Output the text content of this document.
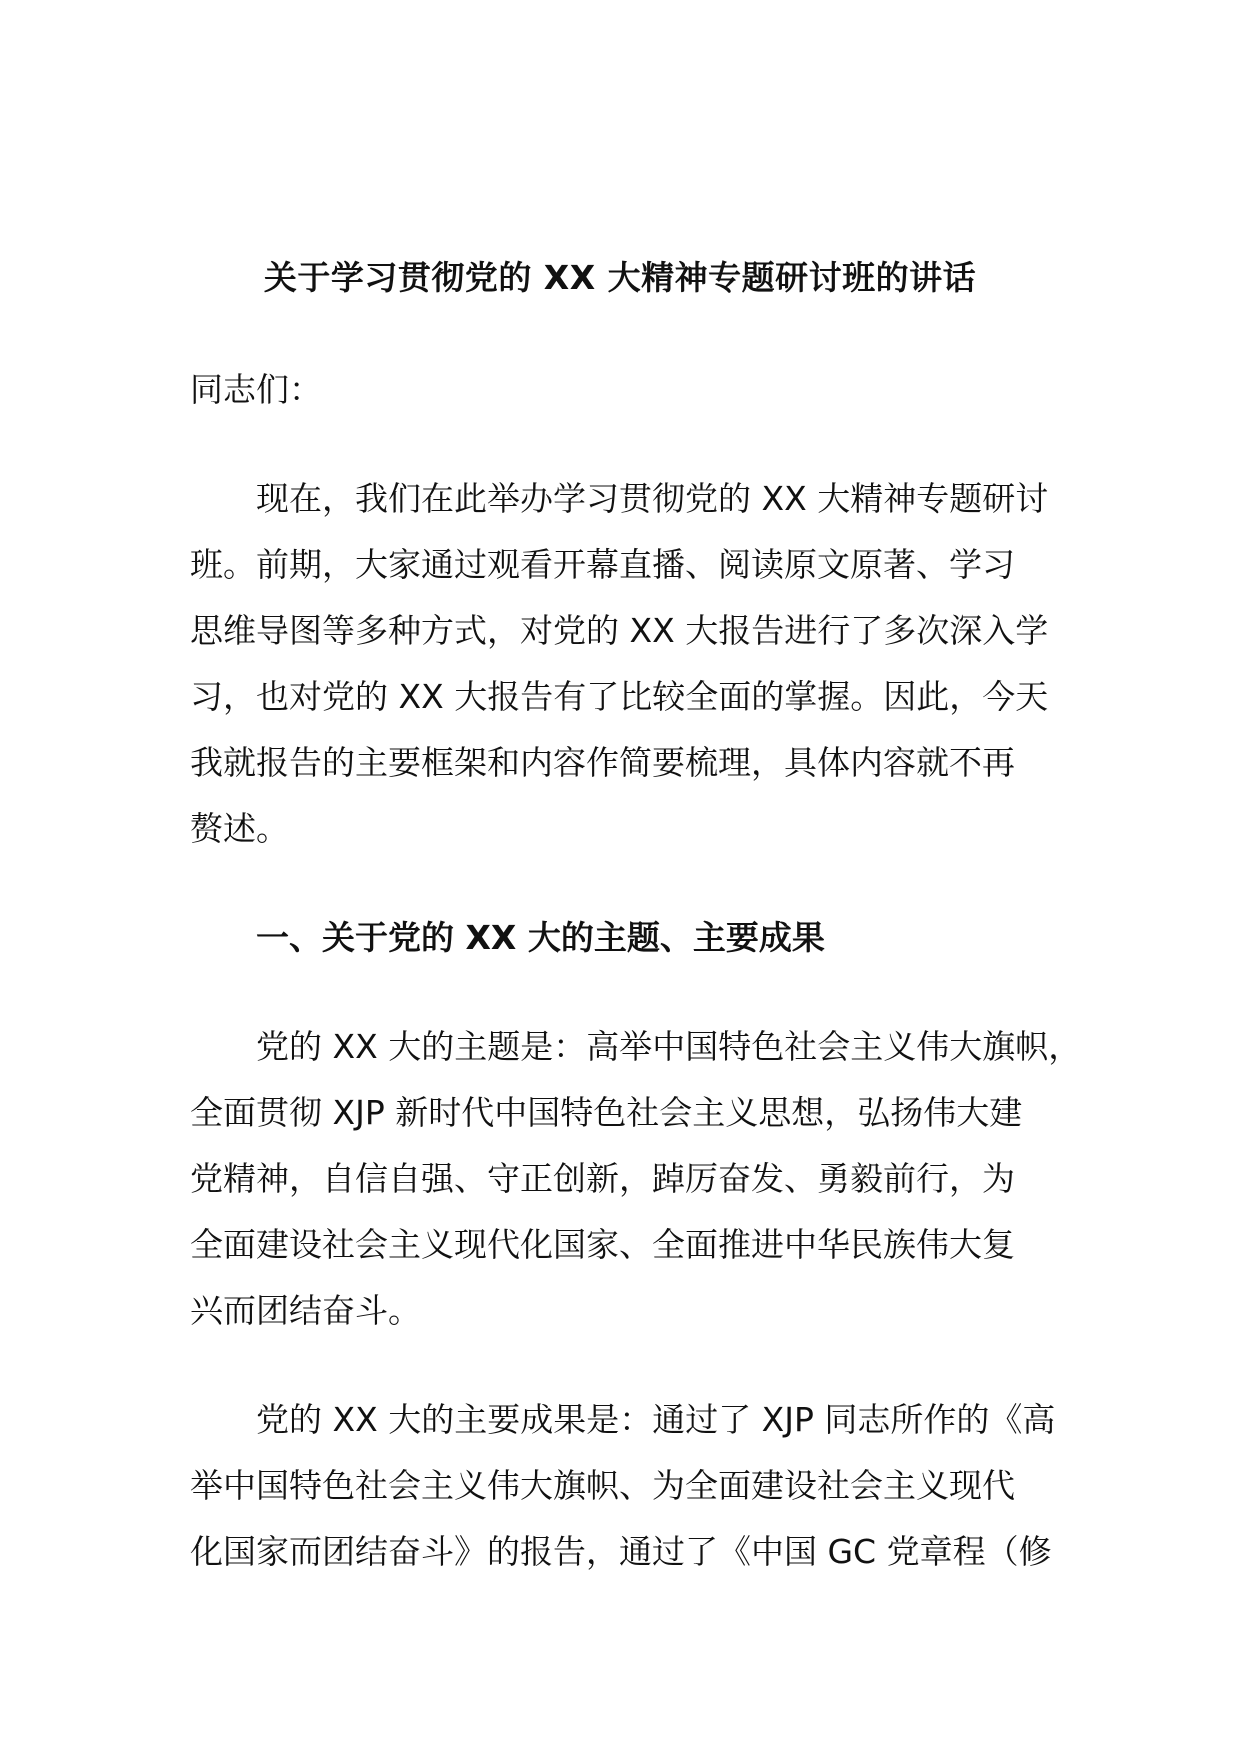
关于学习贯彻党的 XX 大精神专题研讨班的讲话
同志们：
现在，我们在此举办学习贯彻党的 XX 大精神专题研讨
班。前期，大家通过观看开幕直播、阅读原文原著、学习
思维导图等多种方式，对党的 XX 大报告进行了多次深入学
习，也对党的 XX 大报告有了比较全面的掌握。因此，今天
我就报告的主要框架和内容作简要梳理，具体内容就不再
赘述。
一、关于党的 XX 大的主题、主要成果
党的 XX 大的主题是：高举中国特色社会主义伟大旗帜，
全面贯彻 XJP 新时代中国特色社会主义思想，弘扬伟大建
党精神，自信自强、守正创新，踔厉奋发、勇毅前行，为
全面建设社会主义现代化国家、全面推进中华民族伟大复
兴而团结奋斗。
党的 XX 大的主要成果是：通过了 XJP 同志所作的《高
举中国特色社会主义伟大旗帜、为全面建设社会主义现代
化国家而团结奋斗》的报告，通过了《中国 GC 党章程（修
